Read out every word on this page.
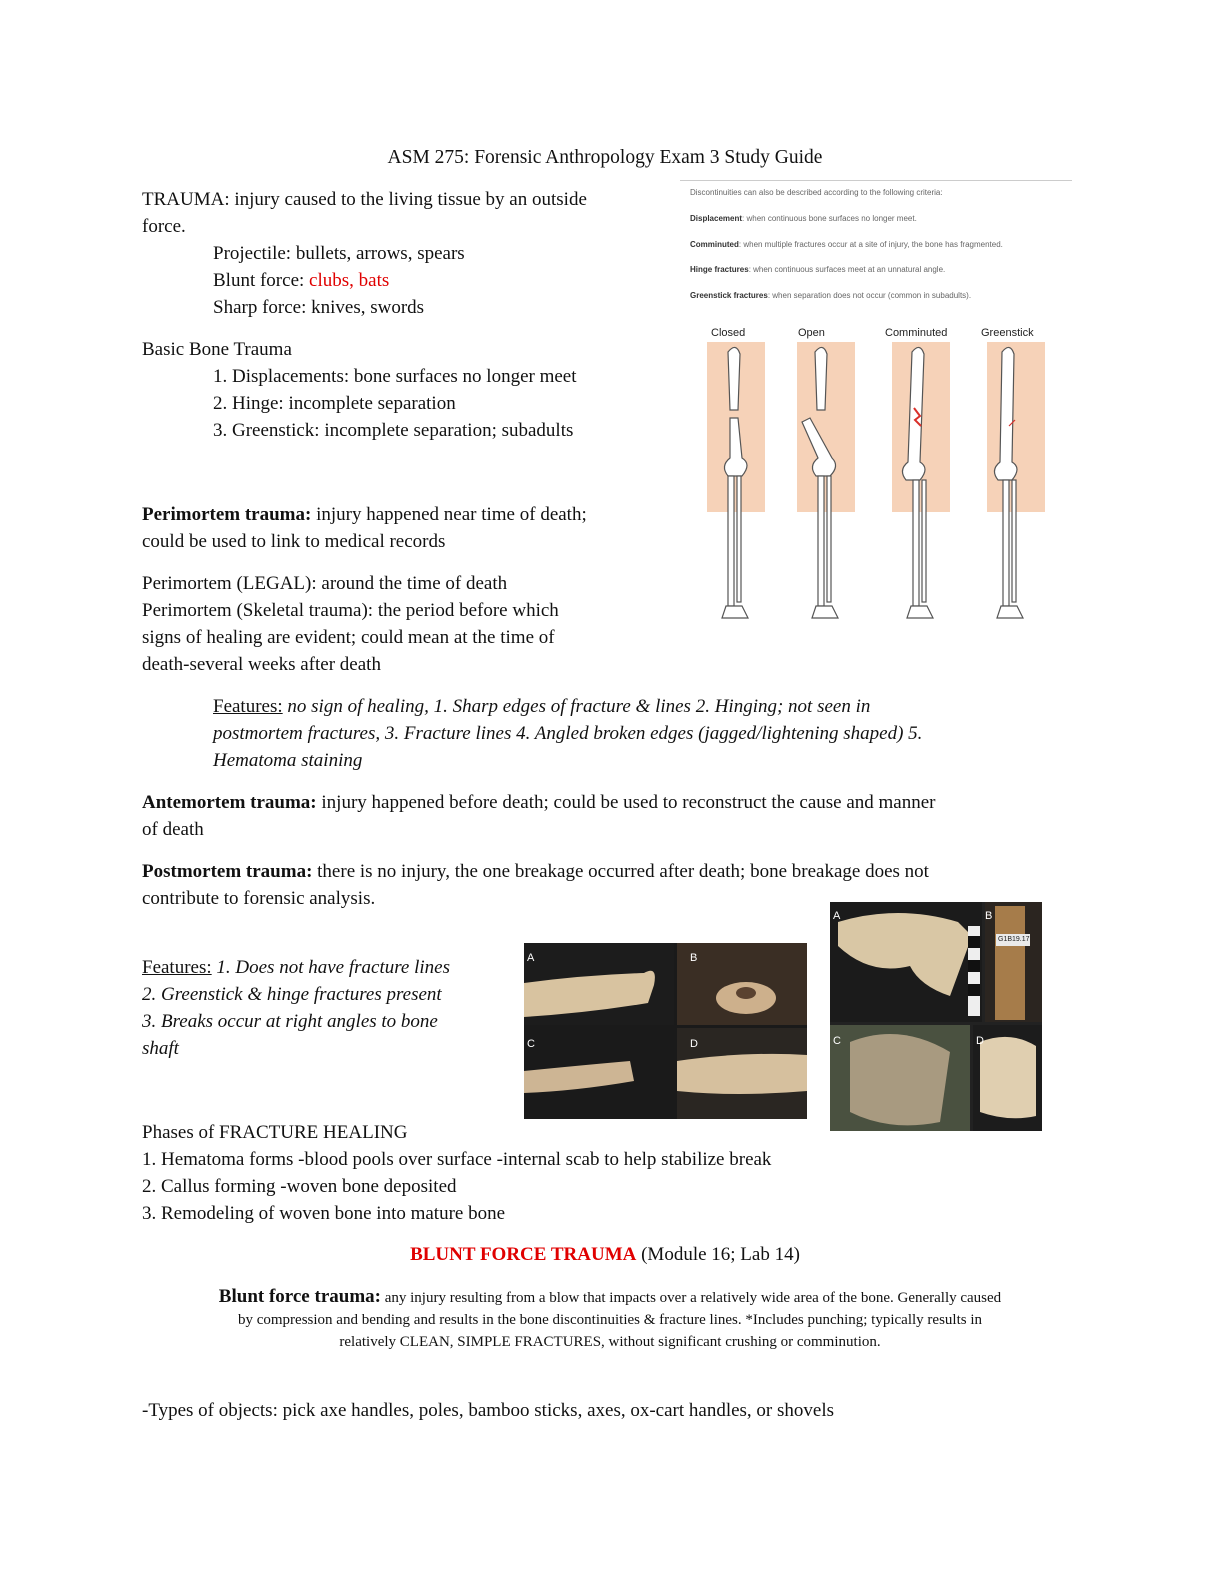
ASM 275: Forensic Anthropology Exam 3 Study Guide

TRAUMA: injury caused to the living tissue by an outside

force.

Projectile: bullets, arrows, spears

Blunt force: clubs, bats

Sharp force: knives, swords

Basic Bone Trauma

1. Displacements: bone surfaces no longer meet

2. Hinge: incomplete separation

3. Greenstick: incomplete separation; subadults

Discontinuities can also be described according to the following criteria:
Displacement: when continuous bone surfaces no longer meet.
Comminuted: when multiple fractures occur at a site of injury, the bone has fragmented.
Hinge fractures: when continuous surfaces meet at an unnatural angle.
Greenstick fractures: when separation does not occur (common in subadults).
Closed	Open	Comminuted	Greenstick

Perimortem trauma: injury happened near time of death;

could be used to link to medical records

Perimortem (LEGAL): around the time of death

Perimortem (Skeletal trauma): the period before which

signs of healing are evident; could mean at the time of

death-several weeks after death

Features: no sign of healing, 1. Sharp edges of fracture & lines 2. Hinging; not seen in

postmortem fractures, 3. Fracture lines 4. Angled broken edges (jagged/lightening shaped) 5.

Hematoma staining

Antemortem trauma: injury happened before death; could be used to reconstruct the cause and manner

of death

Postmortem trauma: there is no injury, the one breakage occurred after death; bone breakage does not

contribute to forensic analysis.

Features: 1. Does not have fracture lines

2. Greenstick & hinge fractures present

3. Breaks occur at right angles to bone

shaft

A	B
C	D
A	B
C	D
G1B19.17

Phases of FRACTURE HEALING

1. Hematoma forms -blood pools over surface -internal scab to help stabilize break

2. Callus forming -woven bone deposited

3. Remodeling of woven bone into mature bone

BLUNT FORCE TRAUMA (Module 16; Lab 14)

Blunt force trauma: any injury resulting from a blow that impacts over a relatively wide area of the bone. Generally caused

by compression and bending and results in the bone discontinuities & fracture lines. *Includes punching; typically results in

relatively CLEAN, SIMPLE FRACTURES, without significant crushing or comminution.

-Types of objects: pick axe handles, poles, bamboo sticks, axes, ox-cart handles, or shovels
